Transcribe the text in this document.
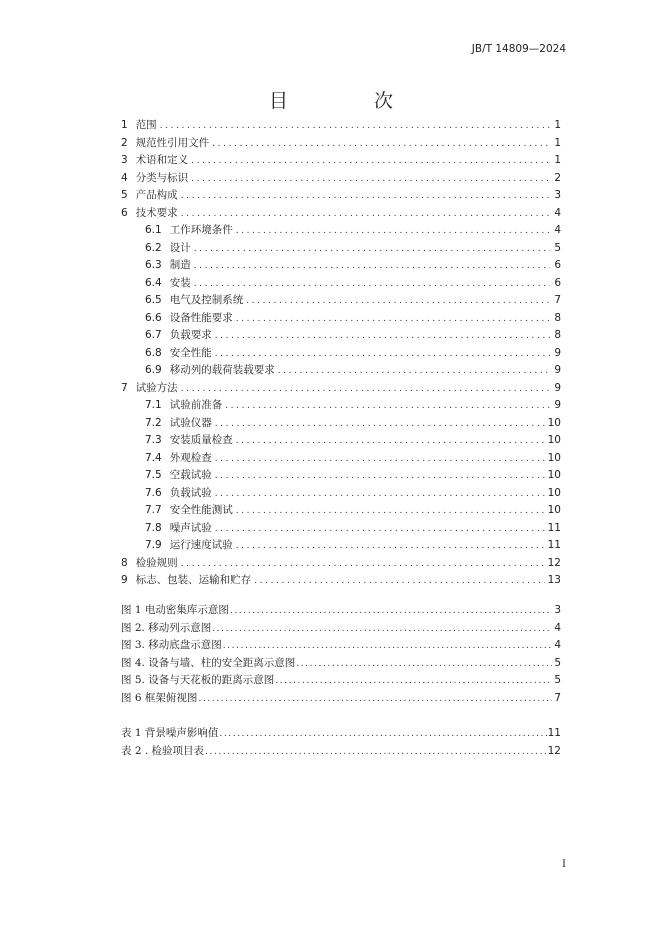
JB/T 14809—2024
目 次
1 范围 .....	1
2 规范性引用文件 .....	1
3 术语和定义 .....	1
4 分类与标识 .....	2
5 产品构成 .....	3
6 技术要求 .....	4
6.1 工作环境条件 .....	4
6.2 设计 .....	5
6.3 制造 .....	6
6.4 安装 .....	6
6.5 电气及控制系统 .....	7
6.6 设备性能要求 .....	8
6.7 负载要求 .....	8
6.8 安全性能 .....	9
6.9 移动列的载荷装载要求 .....	9
7 试验方法 .....	9
7.1 试验前准备 .....	9
7.2 试验仪器 .....	10
7.3 安装质量检查 .....	10
7.4 外观检查 .....	10
7.5 空载试验 .....	10
7.6 负载试验 .....	10
7.7 安全性能测试 .....	10
7.8 噪声试验 .....	11
7.9 运行速度试验 .....	11
8 检验规则 .....	12
9 标志、包装、运输和贮存 .....	13
图 1 电动密集库示意图 .....	3
图 2. 移动列示意图 .....	4
图 3. 移动底盘示意图 .....	4
图 4. 设备与墙、柱的安全距离示意图 .....	5
图 5. 设备与天花板的距离示意图 .....	5
图 6 框架俯视图 .....	7
表 1 背景噪声影响值 .....	11
表 2 . 检验项目表 .....	12
I
